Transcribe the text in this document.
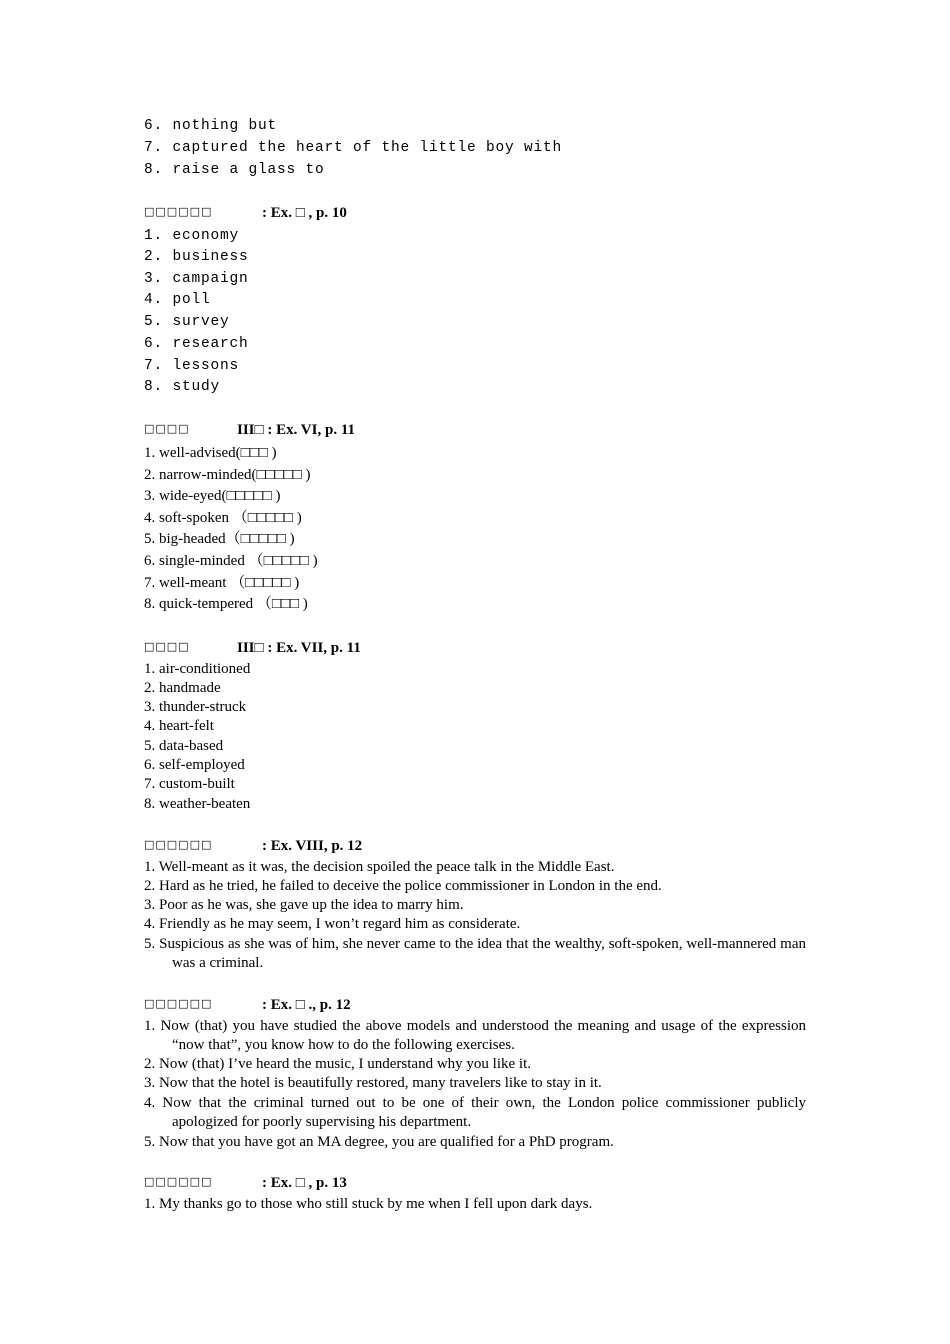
6. nothing but
7. captured the heart of the little boy with
8. raise a glass to
□□□□□□	: Ex. □ , p. 10
1. economy
2. business
3. campaign
4. poll
5. survey
6. research
7. lessons
8. study
□□□□	III□ : Ex. VI, p. 11
1. well-advised(□□□ )
2. narrow-minded(□□□□□ )
3. wide-eyed(□□□□□ )
4. soft-spoken （□□□□□ )
5. big-headed（□□□□□ )
6. single-minded （□□□□□ )
7. well-meant （□□□□□ )
8. quick-tempered （□□□ )
□□□□	III□ : Ex. VII, p. 11
1. air-conditioned
2. handmade
3. thunder-struck
4. heart-felt
5. data-based
6. self-employed
7. custom-built
8. weather-beaten
□□□□□□	: Ex. VIII, p. 12
1. Well-meant as it was, the decision spoiled the peace talk in the Middle East.
2. Hard as he tried, he failed to deceive the police commissioner in London in the end.
3. Poor as he was, she gave up the idea to marry him.
4. Friendly as he may seem, I won’t regard him as considerate.
5. Suspicious as she was of him, she never came to the idea that the wealthy, soft-spoken, well-mannered man was a criminal.
□□□□□□	: Ex. □ ., p. 12
1. Now (that) you have studied the above models and understood the meaning and usage of the expression “now that”, you know how to do the following exercises.
2. Now (that) I’ve heard the music, I understand why you like it.
3. Now that the hotel is beautifully restored, many travelers like to stay in it.
4. Now that the criminal turned out to be one of their own, the London police commissioner publicly apologized for poorly supervising his department.
5. Now that you have got an MA degree, you are qualified for a PhD program.
□□□□□□	: Ex. □ , p. 13
1. My thanks go to those who still stuck by me when I fell upon dark days.
